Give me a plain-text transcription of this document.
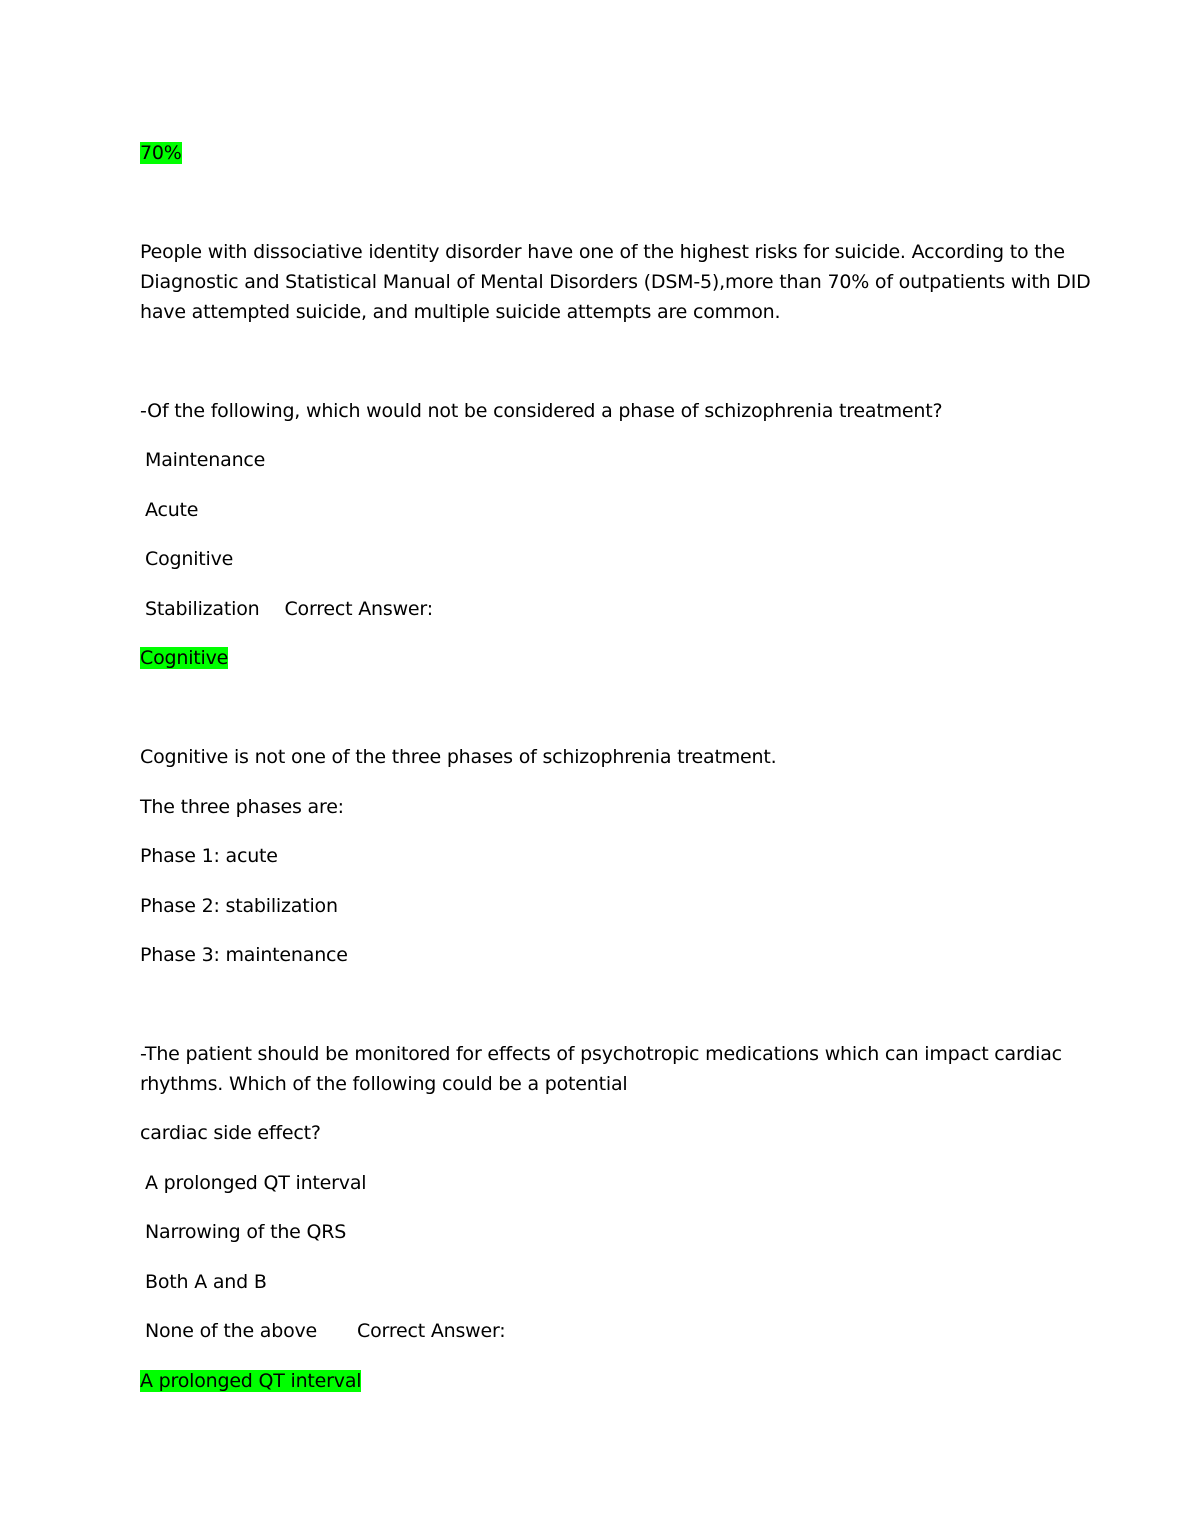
70%
People with dissociative identity disorder have one of the highest risks for suicide. According to the
Diagnostic and Statistical Manual of Mental Disorders (DSM-5),more than 70% of outpatients with DID
have attempted suicide, and multiple suicide attempts are common.
-Of the following, which would not be considered a phase of schizophrenia treatment?
Maintenance
Acute
Cognitive
Stabilization Correct Answer:
Cognitive
Cognitive is not one of the three phases of schizophrenia treatment.
The three phases are:
Phase 1: acute
Phase 2: stabilization
Phase 3: maintenance
-The patient should be monitored for effects of psychotropic medications which can impact cardiac
rhythms. Which of the following could be a potential
cardiac side effect?
A prolonged QT interval
Narrowing of the QRS
Both A and B
None of the above Correct Answer:
A prolonged QT interval
